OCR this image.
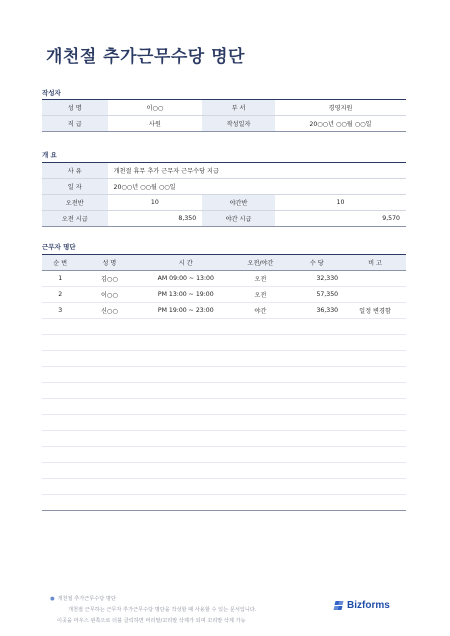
개천절 추가근무수당 명단
작성자
성 명	이○○	부 서	경영지원
직 급	사원	작성일자	20○○년 ○○월 ○○일
개 요
사 유	개천절 휴무 추가 근무자 근무수당 지급		
일 자	20○○년 ○○월 ○○일		
오전반	10	야간반	10
오전 시급	8,350	야간 시급	9,570
근무자 명단
순 번	성 명	시 간	오전/야간	수 당	비 고
1	김○○	AM 09:00 ~ 13:00	오전	32,330	
2	이○○	PM 13:00 ~ 19:00	오전	57,350	
3	신○○	PM 19:00 ~ 23:00	야간	36,330	일정 변경함

● 개천절 추가근무수당 명단
개천절 근무하는 근무자 추가근무수당 명단을 작성할 때 사용할 수 있는 문서입니다.
이곳을 마우스 왼쪽으로 더블 클릭하면 머리말/꼬리말 삭제가 되며 꼬리말 삭제 가능
Bizforms
